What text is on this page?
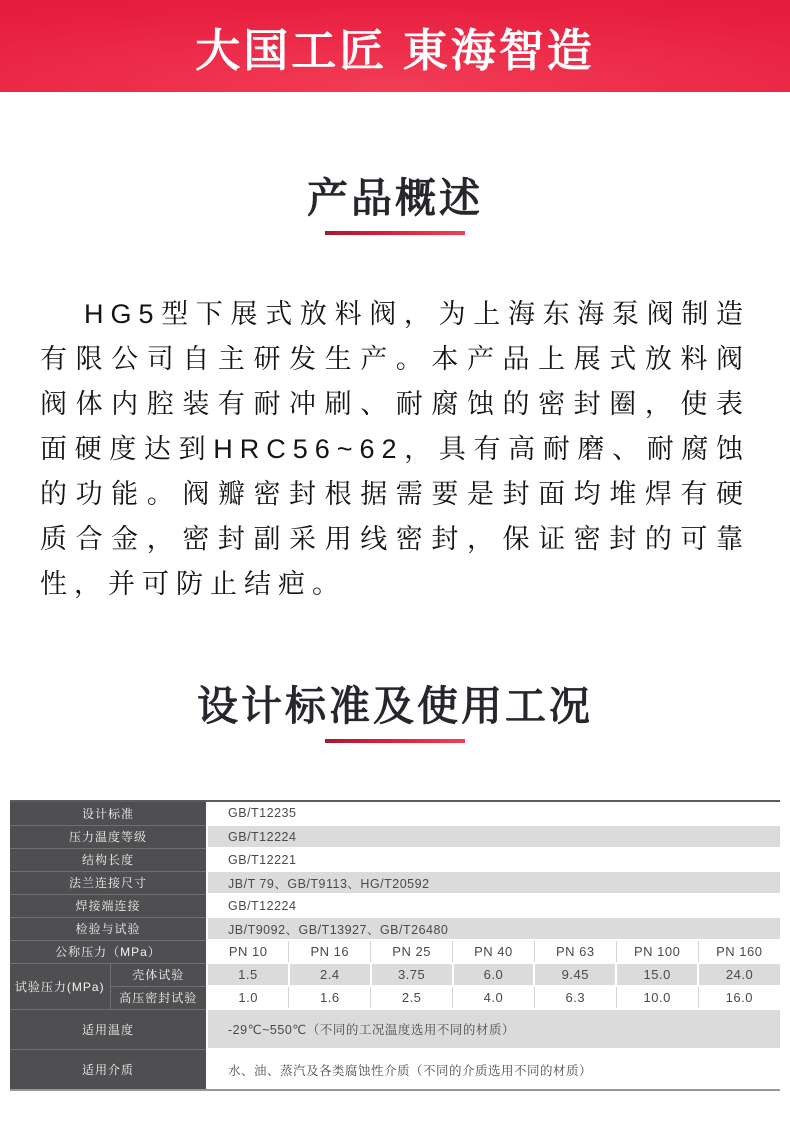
大国工匠 東海智造
产品概述

HG5型下展式放料阀，为上海东海泵阀制造有限公司自主研发生产。本产品上展式放料阀阀体内腔装有耐冲刷、耐腐蚀的密封圈，使表面硬度达到HRC56~62，具有高耐磨、耐腐蚀的功能。阀瓣密封根据需要是封面均堆焊有硬质合金，密封副采用线密封，保证密封的可靠性，并可防止结疤。

设计标准及使用工况
设计标准		GB/T12235						
压力温度等级		GB/T12224						
结构长度		GB/T12221						
法兰连接尺寸		JB/T 79、GB/T9113、HG/T20592						
焊接端连接		GB/T12224						
检验与试验		JB/T9092、GB/T13927、GB/T26480						
公称压力（MPa）		PN 10	PN 16	PN 25	PN 40	PN 63	PN 100	PN 160
试验压力(MPa)	壳体试验	1.5	2.4	3.75	6.0	9.45	15.0	24.0
	高压密封试验	1.0	1.6	2.5	4.0	6.3	10.0	16.0
适用温度		-29℃~550℃（不同的工况温度选用不同的材质）						
适用介质		水、油、蒸汽及各类腐蚀性介质（不同的介质选用不同的材质）						
